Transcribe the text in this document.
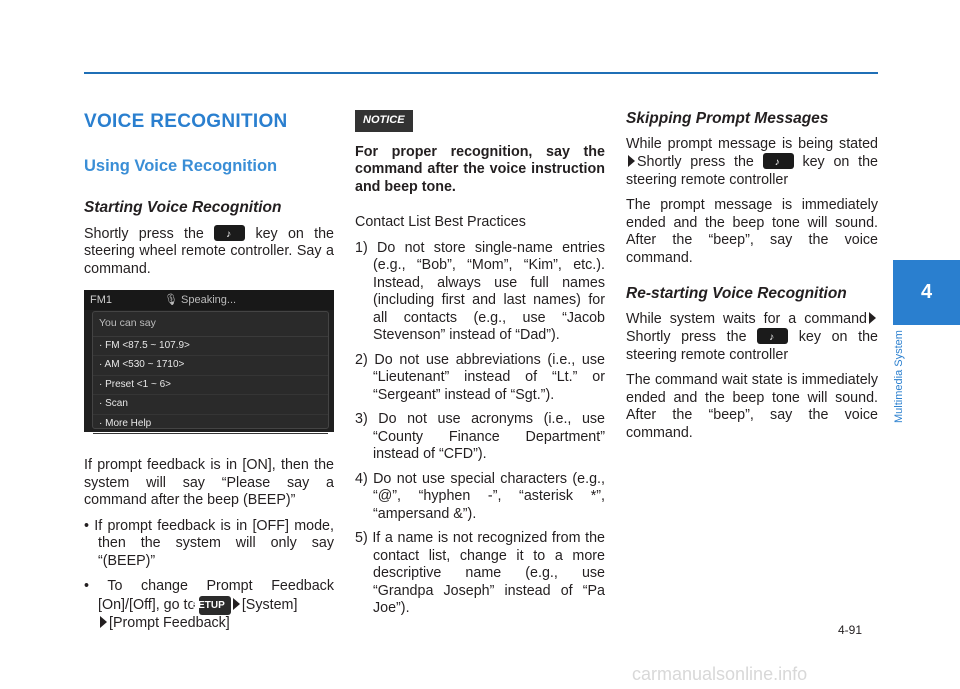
VOICE RECOGNITION
Using Voice Recognition
Starting Voice Recognition

Shortly press the ♪	key on the steering wheel remote controller. Say a command.

FM1	🎙 Speaking...
You can say
· FM <87.5 ~ 107.9>
· AM <530 ~ 1710>
· Preset <1 ~ 6>
· Scan
· More Help

If prompt feedback is in [ON], then the system will say “Please say a command after the beep (BEEP)”

• If prompt feedback is in [OFF] mode, then the system will only say “(BEEP)”
• To change Prompt Feedback [On]/[Off], go to SETUP [System]
[Prompt Feedback]
NOTICE

For proper recognition, say the command after the voice instruction and beep tone.

Contact List Best Practices

1) Do not store single-name entries (e.g., “Bob”, “Mom”, “Kim”, etc.). Instead, always use full names (including first and last names) for all contacts (e.g., use “Jacob Stevenson” instead of “Dad”).
2) Do not use abbreviations (i.e., use “Lieutenant” instead of “Lt.” or “Sergeant” instead of “Sgt.”).
3) Do not use acronyms (i.e., use “County Finance Department” instead of “CFD”).
4) Do not use special characters (e.g., “@”, “hyphen -”, “asterisk *”, “ampersand &”).
5) If a name is not recognized from the contact list, change it to a more descriptive name (e.g., use “Grandpa Joseph” instead of “Pa Joe”).
Skipping Prompt Messages

While prompt message is being statedShortly press the ♪	key on the steering remote controller

The prompt message is immediately ended and the beep tone will sound. After the “beep”, say the voice command.

Re-starting Voice Recognition

While system waits for a command Shortly press the ♪	key on the steering remote controller

The command wait state is immediately ended and the beep tone will sound. After the “beep”, say the voice command.

4
Multimedia System
4-91
carmanualsonline.info
